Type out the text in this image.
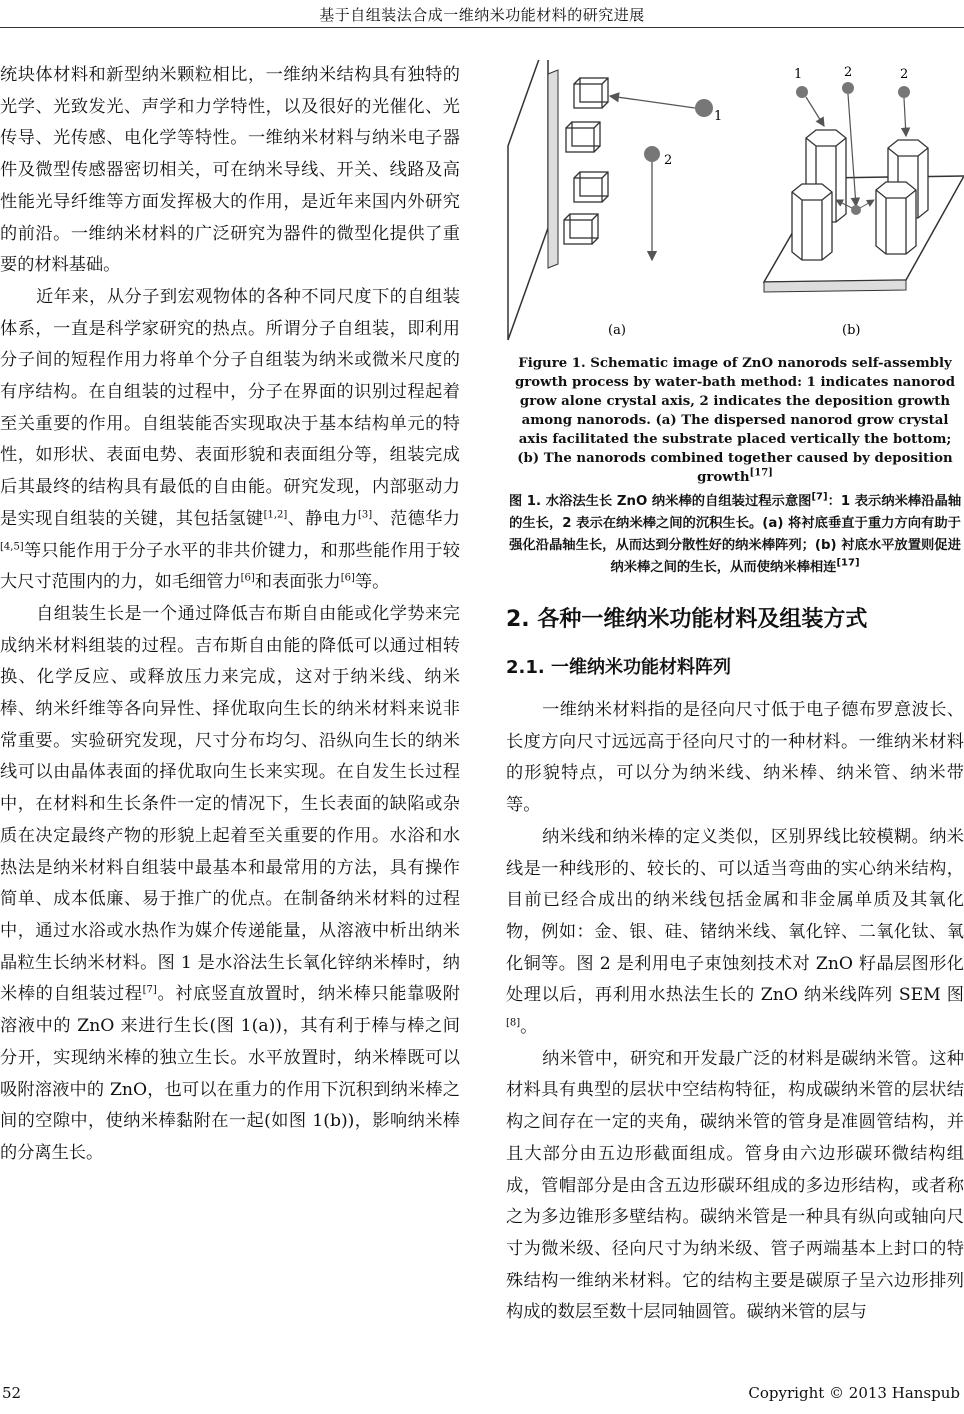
基于自组装法合成一维纳米功能材料的研究进展

统块体材料和新型纳米颗粒相比，一维纳米结构具有独特的光学、光致发光、声学和力学特性，以及很好的光催化、光传导、光传感、电化学等特性。一维纳米材料与纳米电子器件及微型传感器密切相关，可在纳米导线、开关、线路及高性能光导纤维等方面发挥极大的作用，是近年来国内外研究的前沿。一维纳米材料的广泛研究为器件的微型化提供了重要的材料基础。

近年来，从分子到宏观物体的各种不同尺度下的自组装体系，一直是科学家研究的热点。所谓分子自组装，即利用分子间的短程作用力将单个分子自组装为纳米或微米尺度的有序结构。在自组装的过程中，分子在界面的识别过程起着至关重要的作用。自组装能否实现取决于基本结构单元的特性，如形状、表面电势、表面形貌和表面组分等，组装完成后其最终的结构具有最低的自由能。研究发现，内部驱动力是实现自组装的关键，其包括氢键[1,2]、静电力[3]、范德华力[4,5]等只能作用于分子水平的非共价键力，和那些能作用于较大尺寸范围内的力，如毛细管力[6]和表面张力[6]等。

自组装生长是一个通过降低吉布斯自由能或化学势来完成纳米材料组装的过程。吉布斯自由能的降低可以通过相转换、化学反应、或释放压力来完成，这对于纳米线、纳米棒、纳米纤维等各向异性、择优取向生长的纳米材料来说非常重要。实验研究发现，尺寸分布均匀、沿纵向生长的纳米线可以由晶体表面的择优取向生长来实现。在自发生长过程中，在材料和生长条件一定的情况下，生长表面的缺陷或杂质在决定最终产物的形貌上起着至关重要的作用。水浴和水热法是纳米材料自组装中最基本和最常用的方法，具有操作简单、成本低廉、易于推广的优点。在制备纳米材料的过程中，通过水浴或水热作为媒介传递能量，从溶液中析出纳米晶粒生长纳米材料。图 1 是水浴法生长氧化锌纳米棒时，纳米棒的自组装过程[7]。衬底竖直放置时，纳米棒只能靠吸附溶液中的 ZnO 来进行生长(图 1(a))，其有利于棒与棒之间分开，实现纳米棒的独立生长。水平放置时，纳米棒既可以吸附溶液中的 ZnO，也可以在重力的作用下沉积到纳米棒之间的空隙中，使纳米棒黏附在一起(如图 1(b))，影响纳米棒的分离生长。

1
2
1	2	2
(a)	(b)

Figure 1. Schematic image of ZnO nanorods self-assembly growth process by water-bath method: 1 indicates nanorod grow alone crystal axis, 2 indicates the deposition growth among nanorods. (a) The dispersed nanorod grow crystal axis facilitated the substrate placed vertically the bottom; (b) The nanorods combined together caused by deposition growth[17]

图 1. 水浴法生长 ZnO 纳米棒的自组装过程示意图[7]：1 表示纳米棒沿晶轴的生长，2 表示在纳米棒之间的沉积生长。(a) 将衬底垂直于重力方向有助于强化沿晶轴生长，从而达到分散性好的纳米棒阵列；(b) 衬底水平放置则促进纳米棒之间的生长，从而使纳米棒相连[17]

2. 各种一维纳米功能材料及组装方式
2.1. 一维纳米功能材料阵列

一维纳米材料指的是径向尺寸低于电子德布罗意波长、长度方向尺寸远远高于径向尺寸的一种材料。一维纳米材料的形貌特点，可以分为纳米线、纳米棒、纳米管、纳米带等。

纳米线和纳米棒的定义类似，区别界线比较模糊。纳米线是一种线形的、较长的、可以适当弯曲的实心纳米结构，目前已经合成出的纳米线包括金属和非金属单质及其氧化物，例如：金、银、硅、锗纳米线、氧化锌、二氧化钛、氧化铜等。图 2 是利用电子束蚀刻技术对 ZnO 籽晶层图形化处理以后，再利用水热法生长的 ZnO 纳米线阵列 SEM 图[8]。

纳米管中，研究和开发最广泛的材料是碳纳米管。这种材料具有典型的层状中空结构特征，构成碳纳米管的层状结构之间存在一定的夹角，碳纳米管的管身是准圆管结构，并且大部分由五边形截面组成。管身由六边形碳环微结构组成，管帽部分是由含五边形碳环组成的多边形结构，或者称之为多边锥形多壁结构。碳纳米管是一种具有纵向或轴向尺寸为微米级、径向尺寸为纳米级、管子两端基本上封口的特殊结构一维纳米材料。它的结构主要是碳原子呈六边形排列构成的数层至数十层同轴圆管。碳纳米管的层与

52	Copyright © 2013 Hanspub
